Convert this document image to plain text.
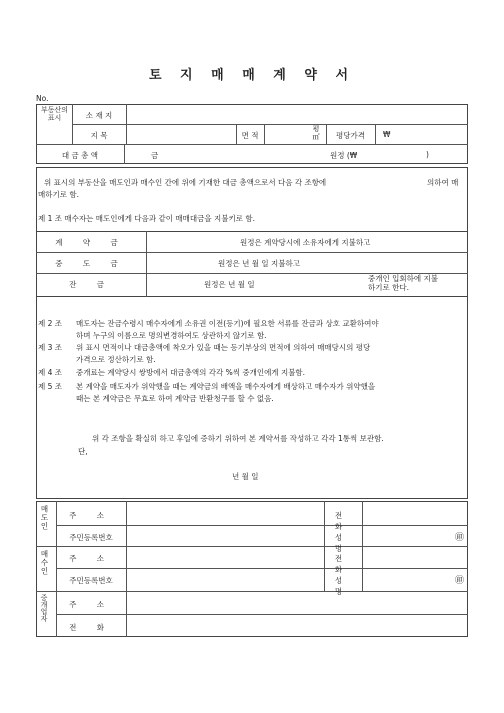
토 지 매 매 계 약 서
No.
부동산의 표시	소 재 지
지 목	면 적
평
㎡	평당가격	₩
대 금 총 액	금	원정 (₩	)
위 표시의 부동산을 매도인과 매수인 간에 위에 기재한 대금 총액으로서 다음 각 조항에	의하여 매
매하기로 함.
제 1 조 매수자는 매도인에게 다음과 같이 매매대금을 지불키로 함.
계 약 금	원정은 계약당시에 소유자에게 지불하고
중 도 금	원정은 년 월 일 지불하고
잔 금	원정은 년 월 일
중개인 입회하에 지불
하기로 한다.
제 2 조 매도자는 잔금수령시 매수자에게 소유권 이전(등기)에 필요한 서류를 잔금과 상호 교환하여야
하며 누구의 이름으로 명의변경하여도 상관하지 않기로 함.
제 3 조 위 표시 면적이나 대금총액에 착오가 있을 때는 등기부상의 면적에 의하여 매매당시의 평당
가격으로 정산하기로 함.
제 4 조 중개료는 계약당시 쌍방에서 대금총액의 각각 %씩 중개인에게 지불함.
제 5 조 본 계약을 매도자가 위약했을 때는 계약금의 배액을 매수자에게 배상하고 매수자가 위약했을
때는 본 계약금은 무효로 하여 계약금 반환청구를 할 수 없음.
위 각 조항을 확실히 하고 후일에 증하기 위하여 본 계약서를 작성하고 각각 1통씩 보관함.
단,
년 월 일
매도인	주 소	전 화
주민등록번호	성 명
㊞
매수인	주 소	전 화
주민등록번호	성 명
㊞
중개업자	주 소
전 화
